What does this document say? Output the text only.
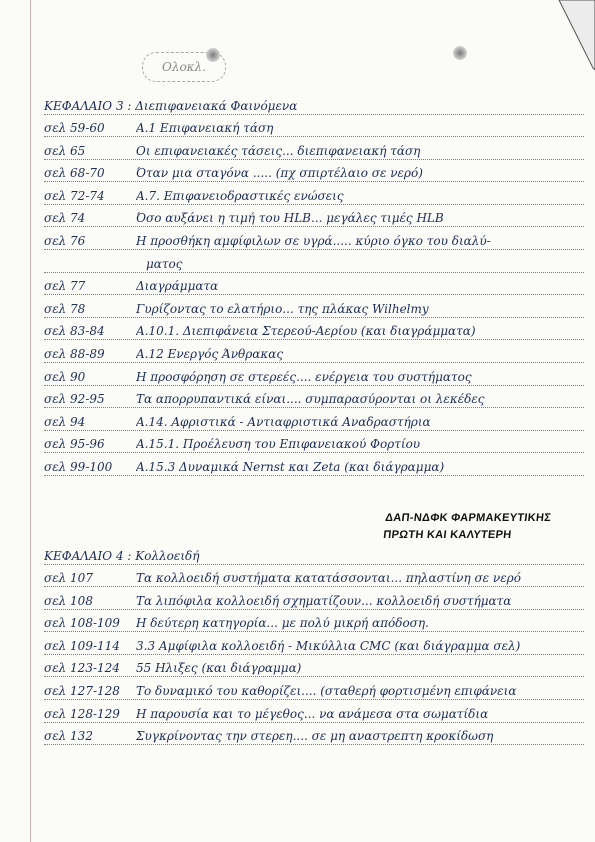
Ολοκλ.
ΚΕΦΑΛΑΙΟ 3 : Διεπιφανειακά Φαινόμενα
σελ 59-60	A.1 Επιφανειακή τάση
σελ 65	Οι επιφανειακές τάσεις... διεπιφανειακή τάση
σελ 68-70	Όταν μια σταγόνα ..... (πχ σπιρτέλαιο σε νερό)
σελ 72-74	A.7. Επιφανειοδραστικές ενώσεις
σελ 74	Όσο αυξάνει η τιμή του HLB... μεγάλες τιμές HLB
σελ 76	Η προσθήκη αμφίφιλων σε υγρά..... κύριο όγκο του διαλύ-
ματος
σελ 77	Διαγράμματα
σελ 78	Γυρίζοντας το ελατήριο... της πλάκας Wilhelmy
σελ 83-84	A.10.1. Διεπιφάνεια Στερεού-Αερίου (και διαγράμματα)
σελ 88-89	A.12 Ενεργός Άνθρακας
σελ 90	Η προσφόρηση σε στερεές.... ενέργεια του συστήματος
σελ 92-95	Τα απορρυπαντικά είναι.... συμπαρασύρονται οι λεκέδες
σελ 94	A.14. Αφριστικά - Αντιαφριστικά Αναδραστήρια
σελ 95-96	A.15.1. Προέλευση του Επιφανειακού Φορτίου
σελ 99-100	A.15.3 Δυναμικά Nernst και Zeta (και διάγραμμα)
ΔΑΠ-ΝΔΦΚ ΦΑΡΜΑΚΕΥΤΙΚΗΣ
ΠΡΩΤΗ ΚΑΙ ΚΑΛΥΤΕΡΗ
ΚΕΦΑΛΑΙΟ 4 : Κολλοειδή
σελ 107	Τα κολλοειδή συστήματα κατατάσσονται... πηλαστίνη σε νερό
σελ 108	Τα λιπόφιλα κολλοειδή σχηματίζουν... κολλοειδή συστήματα
σελ 108-109	Η δεύτερη κατηγορία... με πολύ μικρή απόδοση.
σελ 109-114	3.3 Αμφίφιλα κολλοειδή - Μικύλλια CMC (και διάγραμμα σελ)
σελ 123-124	55 Ηλιξες (και διάγραμμα)
σελ 127-128	Το δυναμικό του καθορίζει.... (σταθερή φορτισμένη επιφάνεια
σελ 128-129	Η παρουσία και το μέγεθος... να ανάμεσα στα σωματίδια
σελ 132	Συγκρίνοντας την στερεη.... σε μη αναστρεπτη κροκίδωση
